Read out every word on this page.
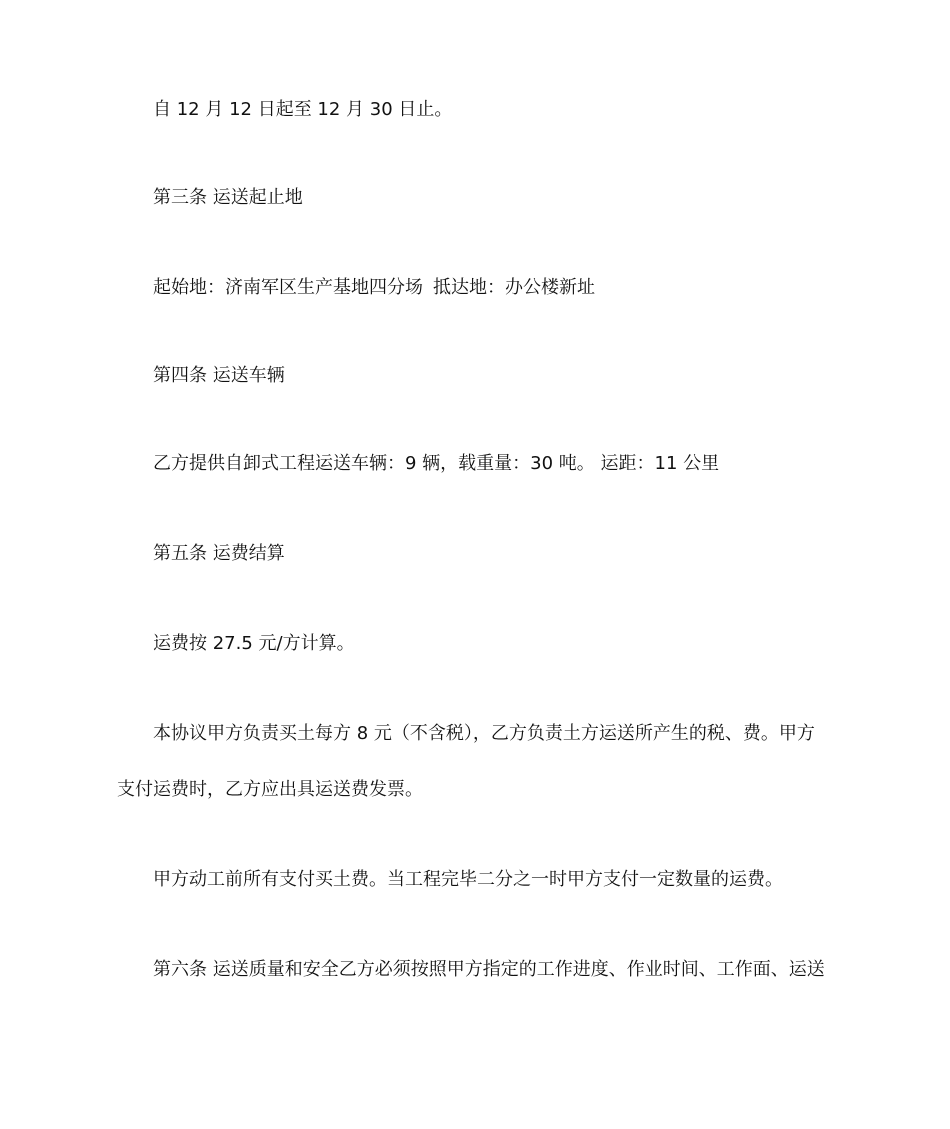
自 12 月 12 日起至 12 月 30 日止。
第三条 运送起止地
起始地：济南军区生产基地四分场 抵达地：办公楼新址
第四条 运送车辆
乙方提供自卸式工程运送车辆：9 辆，载重量：30 吨。 运距：11 公里
第五条 运费结算
运费按 27.5 元/方计算。
本协议甲方负责买土每方 8 元（不含税），乙方负责土方运送所产生的税、费。甲方
支付运费时，乙方应出具运送费发票。
甲方动工前所有支付买土费。当工程完毕二分之一时甲方支付一定数量的运费。
第六条 运送质量和安全乙方必须按照甲方指定的工作进度、作业时间、工作面、运送
